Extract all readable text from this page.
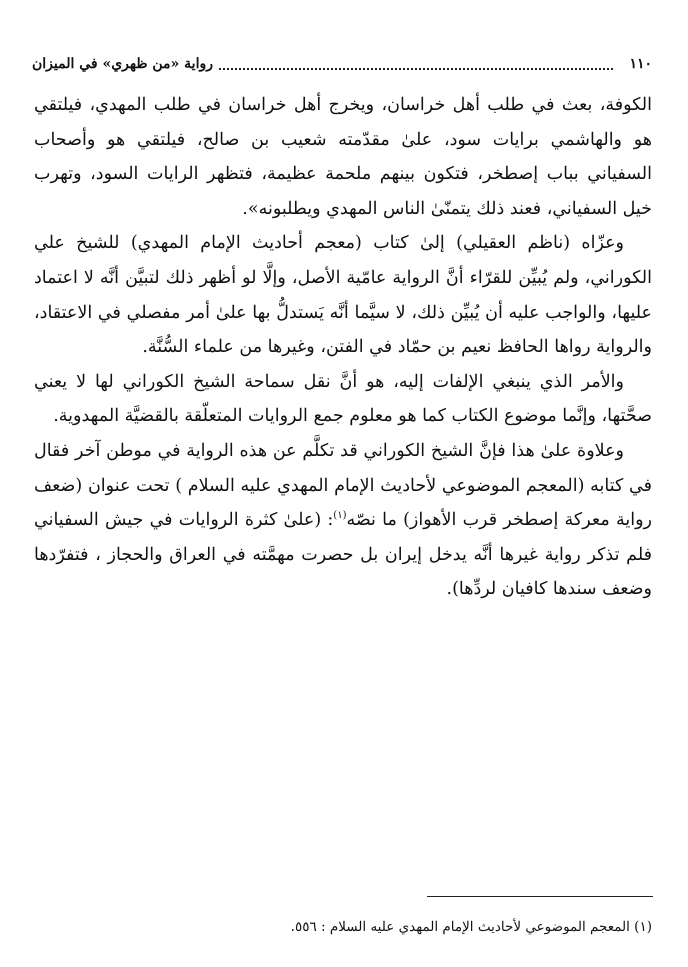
١١٠
رواية «من ظهري» في الميزان

الكوفة، بعث في طلب أهل خراسان، ويخرج أهل خراسان في طلب المهدي، فيلتقي هو والهاشمي برايات سود، علىٰ مقدّمته شعيب بن صالح، فيلتقي هو وأصحاب السفياني بباب إصطخر، فتكون بينهم ملحمة عظيمة، فتظهر الرايات السود، وتهرب خيل السفياني، فعند ذلك يتمنّىٰ الناس المهدي ويطلبونه».

وعزّاه (ناظم العقيلي) إلىٰ كتاب (معجم أحاديث الإمام المهدي) للشيخ علي الكوراني، ولم يُبيِّن للقرّاء أنَّ الرواية عامّية الأصل، وإلَّا لو أظهر ذلك لتبيَّن أنَّه لا اعتماد عليها، والواجب عليه أن يُبيِّن ذلك، لا سيَّما أنَّه يَستدلُّ بها علىٰ أمر مفصلي في الاعتقاد، والرواية رواها الحافظ نعيم بن حمّاد في الفتن، وغيرها من علماء السُّنَّة.

والأمر الذي ينبغي الإلفات إليه، هو أنَّ نقل سماحة الشيخ الكوراني لها لا يعني صحَّتها، وإنَّما موضوع الكتاب كما هو معلوم جمع الروايات المتعلّقة بالقضيَّة المهدوية.

وعلاوة علىٰ هذا فإنَّ الشيخ الكوراني قد تكلَّم عن هذه الرواية في موطن آخر فقال في كتابه (المعجم الموضوعي لأحاديث الإمام المهدي عليه السلام ) تحت عنوان (ضعف رواية معركة إصطخر قرب الأهواز) ما نصّه$^{(١)}$: (علىٰ كثرة الروايات في جيش السفياني فلم تذكر رواية غيرها أنَّه يدخل إيران بل حصرت مهمَّته في العراق والحجاز ، فتفرّدها وضعف سندها كافيان لردِّها).

(١) المعجم الموضوعي لأحاديث الإمام المهدي عليه السلام : ٥٥٦.
